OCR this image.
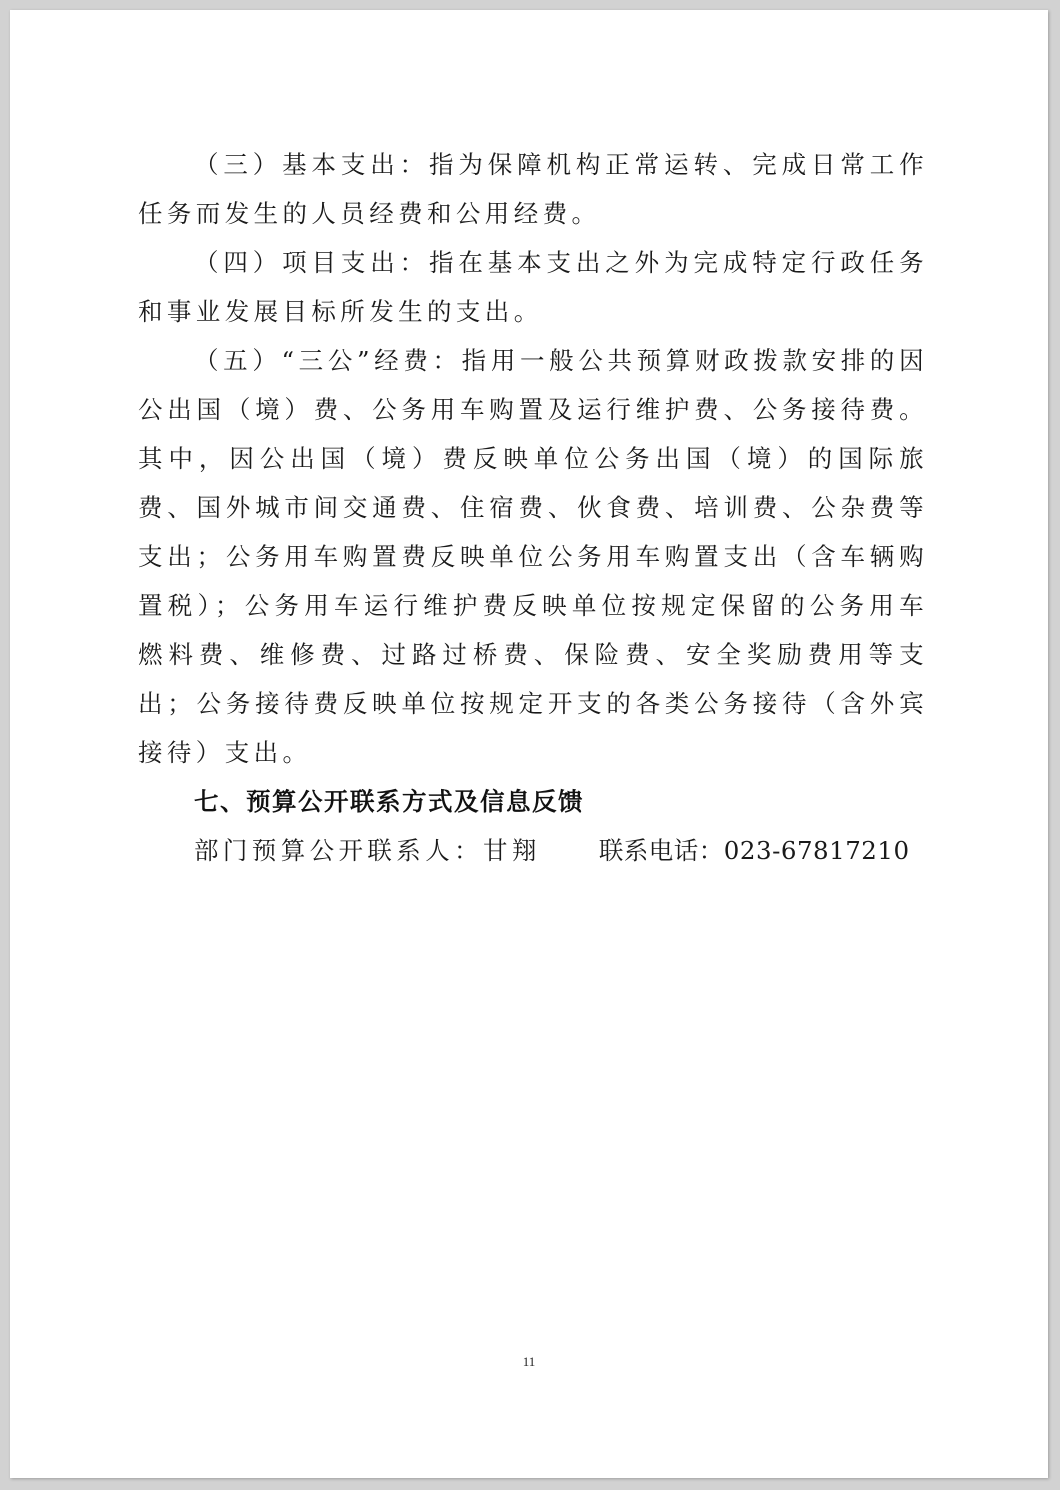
（三）基本支出：指为保障机构正常运转、完成日常工作任务而发生的人员经费和公用经费。

（四）项目支出：指在基本支出之外为完成特定行政任务和事业发展目标所发生的支出。

（五）“三公”经费：指用一般公共预算财政拨款安排的因公出国（境）费、公务用车购置及运行维护费、公务接待费。其中，因公出国（境）费反映单位公务出国（境）的国际旅费、国外城市间交通费、住宿费、伙食费、培训费、公杂费等支出；公务用车购置费反映单位公务用车购置支出（含车辆购置税）；公务用车运行维护费反映单位按规定保留的公务用车燃料费、维修费、过路过桥费、保险费、安全奖励费用等支出；公务接待费反映单位按规定开支的各类公务接待（含外宾接待）支出。

七、预算公开联系方式及信息反馈

部门预算公开联系人：甘翔 联系电话：023-67817210

11
